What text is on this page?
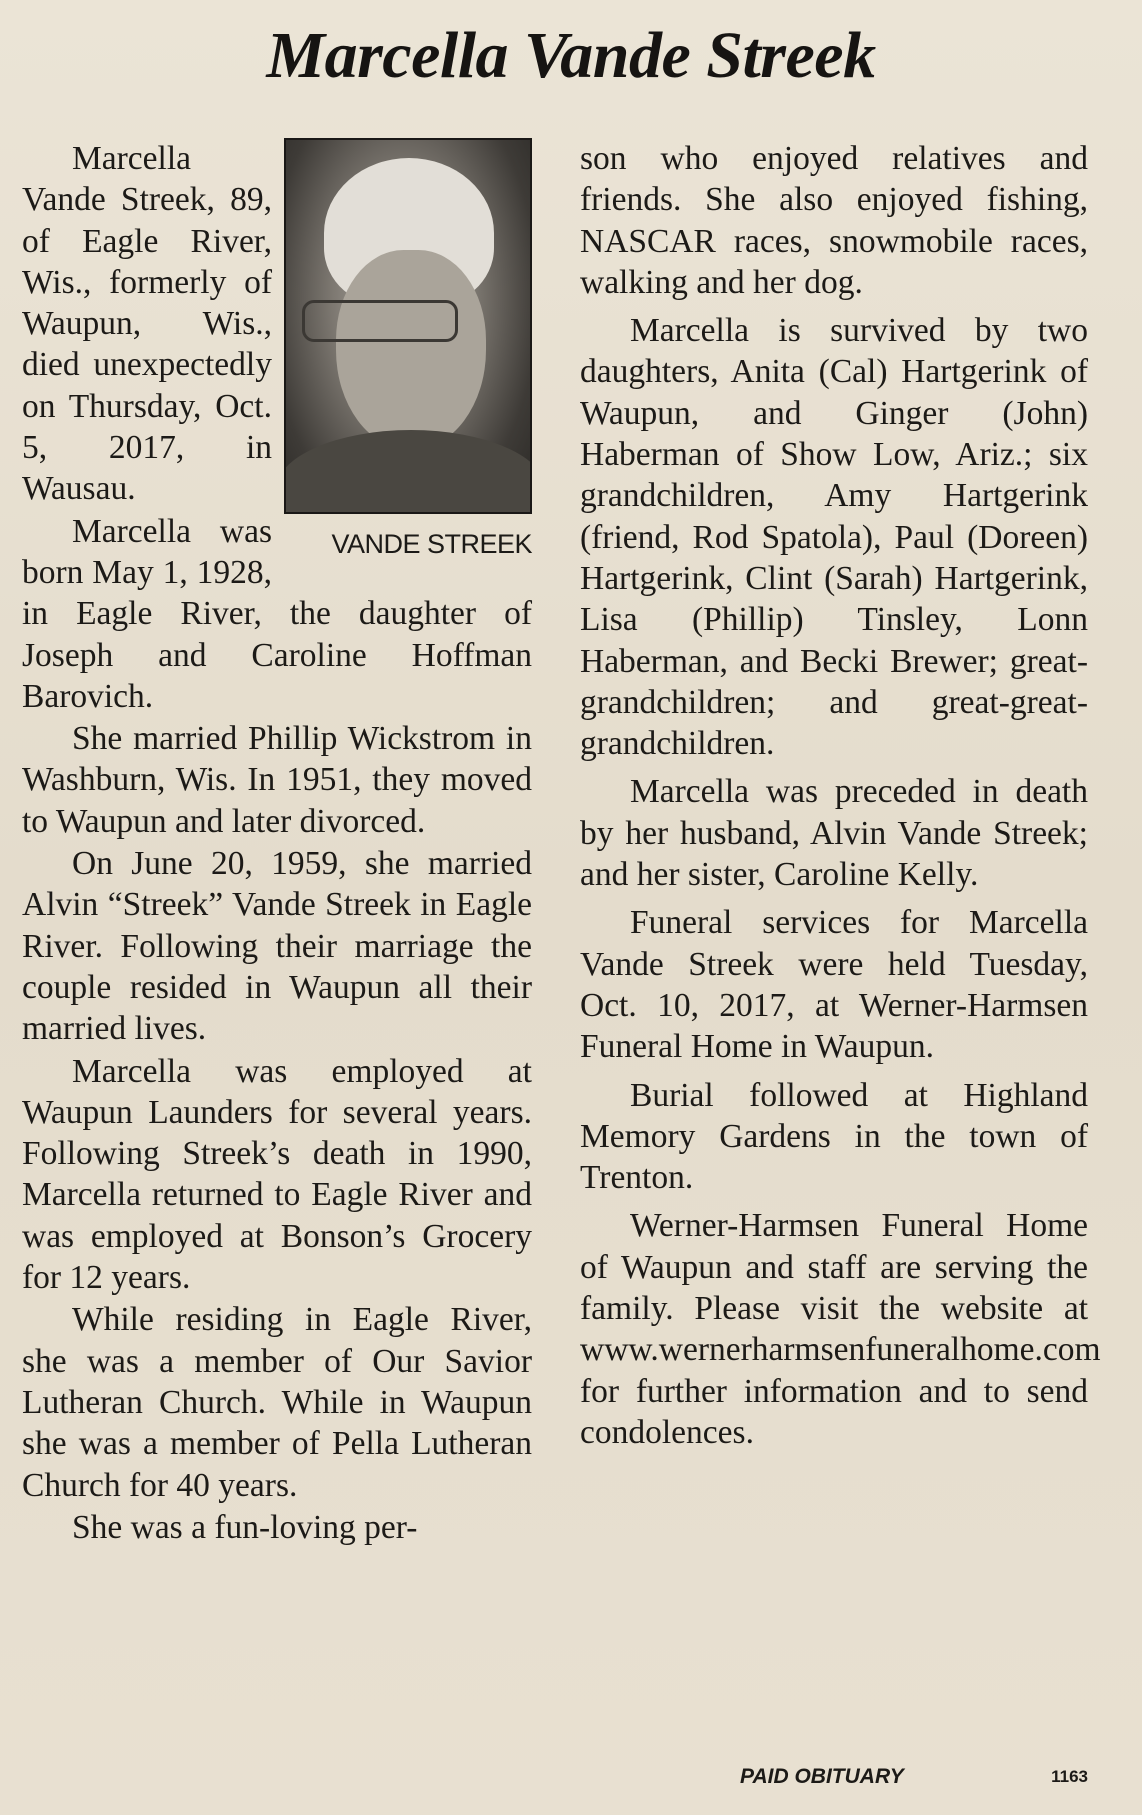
Marcella Vande Streek
VANDE STREEK

Marcella Vande Streek, 89, of Eagle River, Wis., formerly of Waupun, Wis., died unexpectedly on Thursday, Oct. 5, 2017, in Wausau.

Marcella was born May 1, 1928, in Eagle River, the daughter of Joseph and Caroline Hoffman Barovich.

She married Phillip Wickstrom in Washburn, Wis. In 1951, they moved to Waupun and later divorced.

On June 20, 1959, she married Alvin “Streek” Vande Streek in Eagle River. Following their marriage the couple resided in Waupun all their married lives.

Marcella was employed at Waupun Launders for several years. Following Streek’s death in 1990, Marcella returned to Eagle River and was employed at Bonson’s Grocery for 12 years.

While residing in Eagle River, she was a member of Our Savior Lutheran Church. While in Waupun she was a member of Pella Lutheran Church for 40 years.

She was a fun-loving per-

son who enjoyed relatives and friends. She also enjoyed fishing, NASCAR races, snowmobile races, walking and her dog.

Marcella is survived by two daughters, Anita (Cal) Hartgerink of Waupun, and Ginger (John) Haberman of Show Low, Ariz.; six grandchildren, Amy Hartgerink (friend, Rod Spatola), Paul (Doreen) Hartgerink, Clint (Sarah) Hartgerink, Lisa (Phillip) Tinsley, Lonn Haberman, and Becki Brewer; great-grandchildren; and great-great-grandchildren.

Marcella was preceded in death by her husband, Alvin Vande Streek; and her sister, Caroline Kelly.

Funeral services for Marcella Vande Streek were held Tuesday, Oct. 10, 2017, at Werner-Harmsen Funeral Home in Waupun.

Burial followed at Highland Memory Gardens in the town of Trenton.

Werner-Harmsen Funeral Home of Waupun and staff are serving the family. Please visit the website at www.wernerharmsenfuneralhome.com for further information and to send condolences.

PAID OBITUARY	1163
